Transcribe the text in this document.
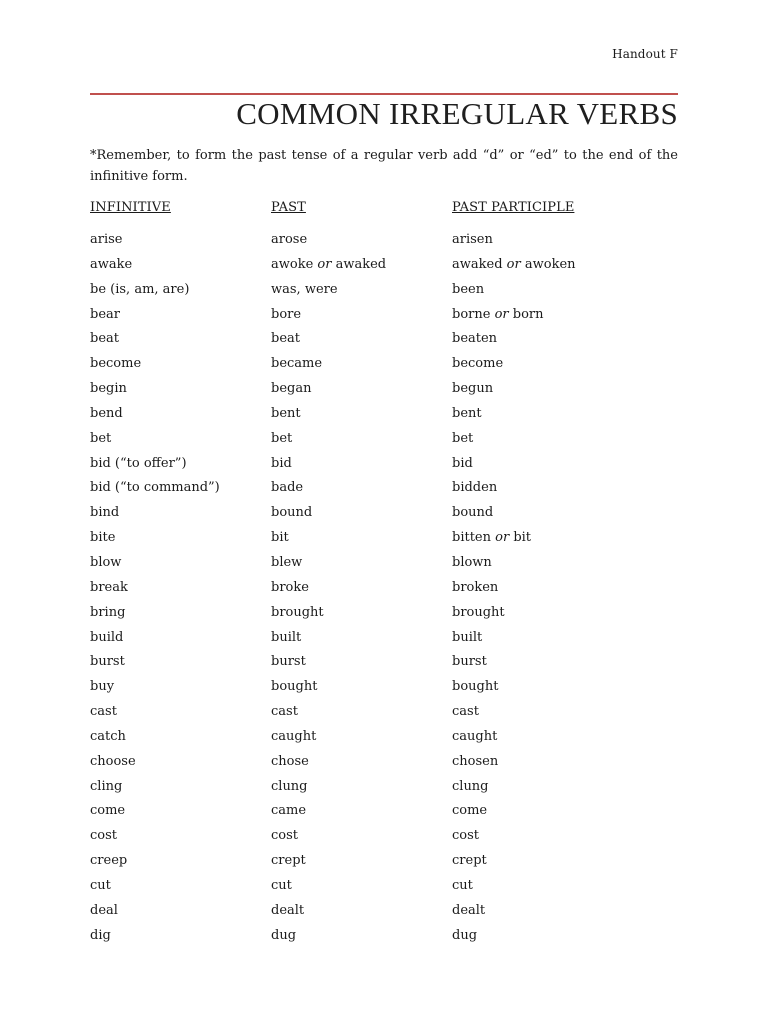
Handout F
COMMON IRREGULAR VERBS
*Remember, to form the past tense of a regular verb add “d” or “ed” to the end of the infinitive form.
INFINITIVE	PAST	PAST PARTICIPLE
arise	arose	arisen
awake	awoke or awaked	awaked or awoken
be (is, am, are)	was, were	been
bear	bore	borne or born
beat	beat	beaten
become	became	become
begin	began	begun
bend	bent	bent
bet	bet	bet
bid (“to offer”)	bid	bid
bid (“to command”)	bade	bidden
bind	bound	bound
bite	bit	bitten or bit
blow	blew	blown
break	broke	broken
bring	brought	brought
build	built	built
burst	burst	burst
buy	bought	bought
cast	cast	cast
catch	caught	caught
choose	chose	chosen
cling	clung	clung
come	came	come
cost	cost	cost
creep	crept	crept
cut	cut	cut
deal	dealt	dealt
dig	dug	dug
